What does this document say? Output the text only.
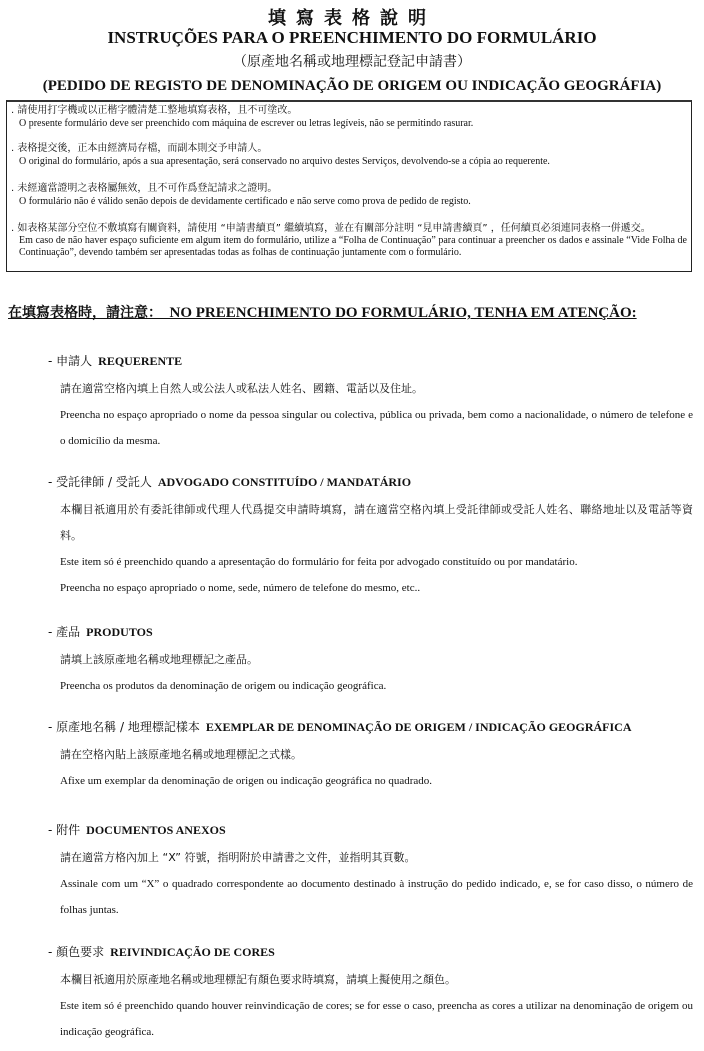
填寫表格說明
INSTRUÇÕES PARA O PREENCHIMENTO DO FORMULÁRIO
（原產地名稱或地理標記登記申請書）
(PEDIDO DE REGISTO DE DENOMINAÇÃO DE ORIGEM OU INDICAÇÃO GEOGRÁFIA)
. 請使用打字機或以正楷字體清楚工整地填寫表格，且不可塗改。
O presente formulário deve ser preenchido com máquina de escrever ou letras legíveis, não se permitindo rasurar.
. 表格提交後，正本由經濟局存檔，而副本則交予申請人。
O original do formulário, após a sua apresentação, será conservado no arquivo destes Serviços, devolvendo-se a cópia ao requerente.
. 未經適當證明之表格屬無效，且不可作爲登記請求之證明。
O formulário não é válido senão depois de devidamente certificado e não serve como prova de pedido de registo.
. 如表格某部分空位不敷填寫有關資料，請使用 “申請書續頁” 繼續填寫，並在有關部分註明 “見申請書續頁” ，任何續頁必須連同表格一併遞交。
Em caso de não haver espaço suficiente em algum item do formulário, utilize a “Folha de Continuação” para continuar a preencher os dados e assinale “Vide Folha de Continuação”, devendo também ser apresentadas todas as folhas de continuação juntamente com o formulário.
在填寫表格時，請注意： NO PREENCHIMENTO DO FORMULÁRIO, TENHA EM ATENÇÃO:
- 申請人 REQUERENTE
請在適當空格內填上自然人或公法人或私法人姓名、國籍、電話以及住址。
Preencha no espaço apropriado o nome da pessoa singular ou colectiva, pública ou privada, bem como a nacionalidade, o número de telefone e o domicílio da mesma.
- 受託律師 / 受託人 ADVOGADO CONSTITUÍDO / MANDATÁRIO
本欄目祇適用於有委託律師或代理人代爲提交申請時填寫，請在適當空格內填上受託律師或受託人姓名、聯絡地址以及電話等資料。
Este item só é preenchido quando a apresentação do formulário for feita por advogado constituído ou por mandatário.
Preencha no espaço apropriado o nome, sede, número de telefone do mesmo, etc..
- 產品 PRODUTOS
請填上該原產地名稱或地理標記之產品。
Preencha os produtos da denominação de origem ou indicação geográfica.
- 原產地名稱 / 地理標記樣本 EXEMPLAR DE DENOMINAÇÃO DE ORIGEM / INDICAÇÃO GEOGRÁFICA
請在空格內貼上該原產地名稱或地理標記之式樣。
Afixe um exemplar da denominação de origen ou indicação geográfica no quadrado.
- 附件 DOCUMENTOS ANEXOS
請在適當方格內加上 “X” 符號，指明附於申請書之文件，並指明其頁數。
Assinale com um “X” o quadrado correspondente ao documento destinado à instrução do pedido indicado, e, se for caso disso, o número de folhas juntas.
- 顏色要求 REIVINDICAÇÃO DE CORES
本欄目祇適用於原產地名稱或地理標記有顏色要求時填寫，請填上擬使用之顏色。
Este item só é preenchido quando houver reinvindicação de cores; se for esse o caso, preencha as cores a utilizar na denominação de origem ou indicação geográfica.
